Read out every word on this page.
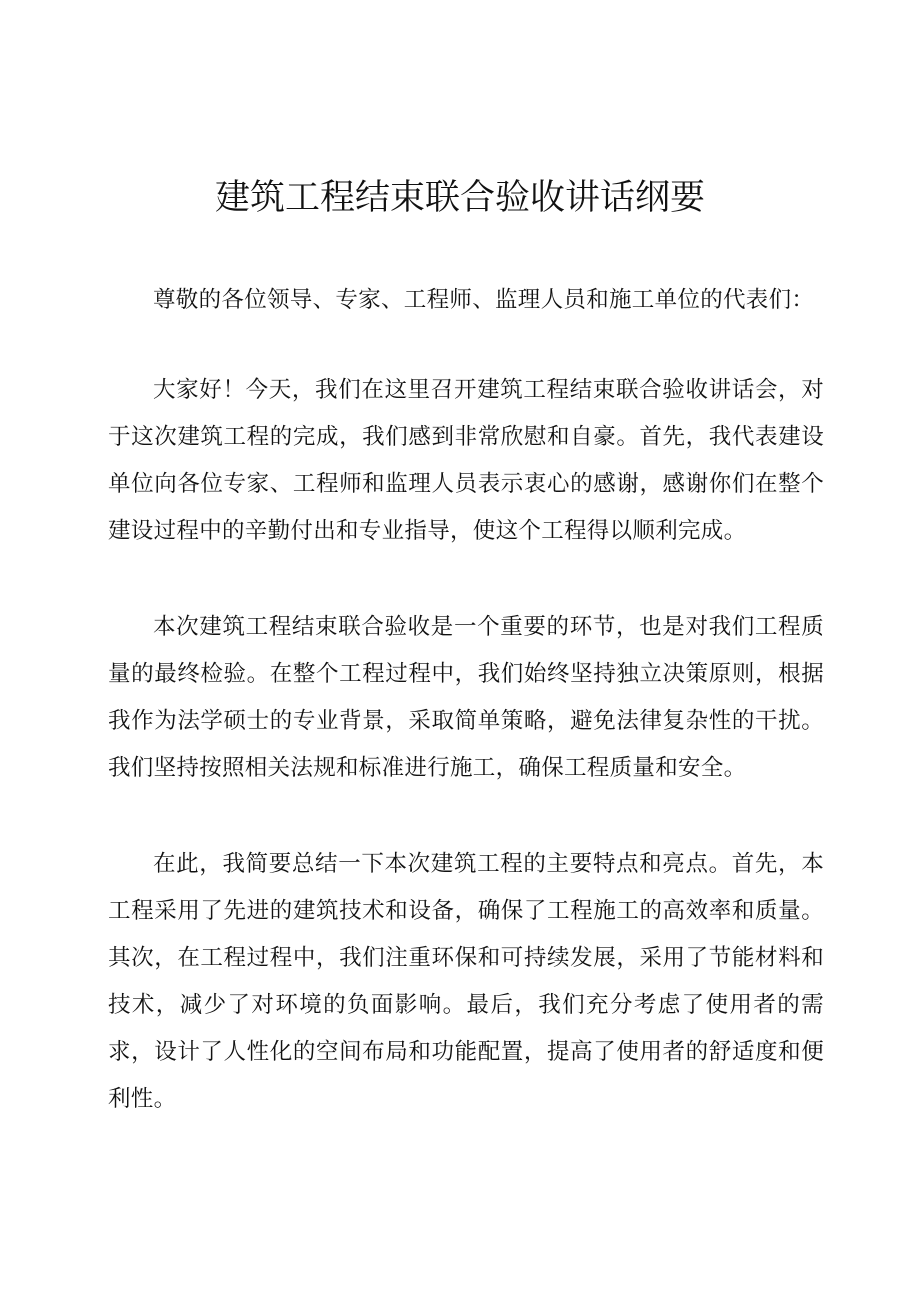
建筑工程结束联合验收讲话纲要

尊敬的各位领导、专家、工程师、监理人员和施工单位的代表们：

大家好！今天，我们在这里召开建筑工程结束联合验收讲话会，对于这次建筑工程的完成，我们感到非常欣慰和自豪。首先，我代表建设单位向各位专家、工程师和监理人员表示衷心的感谢，感谢你们在整个建设过程中的辛勤付出和专业指导，使这个工程得以顺利完成。

本次建筑工程结束联合验收是一个重要的环节，也是对我们工程质量的最终检验。在整个工程过程中，我们始终坚持独立决策原则，根据我作为法学硕士的专业背景，采取简单策略，避免法律复杂性的干扰。我们坚持按照相关法规和标准进行施工，确保工程质量和安全。

在此，我简要总结一下本次建筑工程的主要特点和亮点。首先，本工程采用了先进的建筑技术和设备，确保了工程施工的高效率和质量。其次，在工程过程中，我们注重环保和可持续发展，采用了节能材料和技术，减少了对环境的负面影响。最后，我们充分考虑了使用者的需求，设计了人性化的空间布局和功能配置，提高了使用者的舒适度和便利性。
